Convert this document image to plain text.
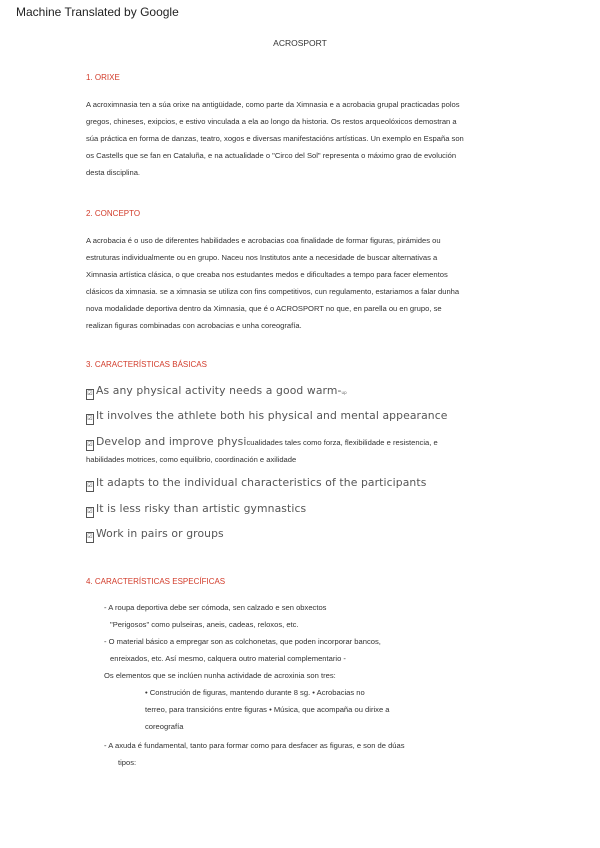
Machine Translated by Google
ACROSPORT
1. ORIXE
A acroximnasia ten a súa orixe na antigüidade, como parte da Ximnasia e a acrobacia grupal practicadas polos
gregos, chineses, exipcios, e estivo vinculada a ela ao longo da historia. Os restos arqueolóxicos demostran a
súa práctica en forma de danzas, teatro, xogos e diversas manifestacións artísticas. Un exemplo en España son
os Castells que se fan en Cataluña, e na actualidade o "Circo del Sol" representa o máximo grao de evolución
desta disciplina.
2. CONCEPTO
A acrobacia é o uso de diferentes habilidades e acrobacias coa finalidade de formar figuras, pirámides ou
estruturas individualmente ou en grupo. Naceu nos Institutos ante a necesidade de buscar alternativas a
Ximnasia artística clásica, o que creaba nos estudantes medos e dificultades a tempo para facer elementos
clásicos da ximnasia. se a ximnasia se utiliza con fins competitivos, cun regulamento, estariamos a falar dunha
nova modalidade deportiva dentro da Ximnasia, que é o ACROSPORT no que, en parella ou en grupo, se
realizan figuras combinadas con acrobacias e unha coreografía.
3. CARACTERÍSTICAS BÁSICAS
☑ As any physical activity needs a good warm-up
☑ It involves the athlete both his physical and mental appearance
☑ Develop and improve physicualidades tales como forza, flexibilidade e resistencia, e
habilidades motrices, como equilibrio, coordinación e axilidade
☑ It adapts to the individual characteristics of the participants
☑ It is less risky than artistic gymnastics
☑ Work in pairs or groups
4. CARACTERÍSTICAS ESPECÍFICAS
- A roupa deportiva debe ser cómoda, sen calzado e sen obxectos
"Perigosos" como pulseiras, aneis, cadeas, reloxos, etc.
- O material básico a empregar son as colchonetas, que poden incorporar bancos,
enreixados, etc. Así mesmo, calquera outro material complementario -
Os elementos que se inclúen nunha actividade de acroxinia son tres:
• Construción de figuras, mantendo durante 8 sg. • Acrobacias no
terreo, para transicións entre figuras • Música, que acompaña ou dirixe a
coreografía
- A axuda é fundamental, tanto para formar como para desfacer as figuras, e son de dúas
tipos:
